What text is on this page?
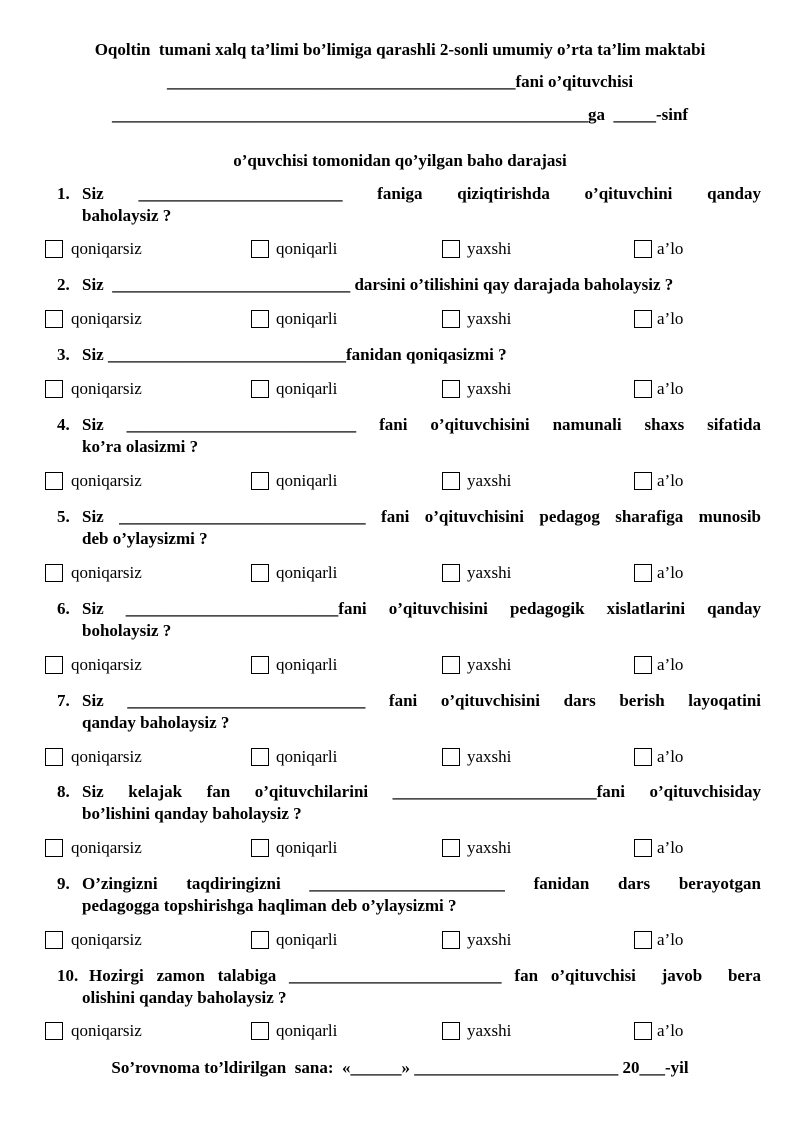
Oqoltin  tumani xalq ta’limi bo’limiga qarashli 2-sonli umumiy o’rta ta’lim maktabi
_________________________________________fani o’qituvchisi
________________________________________________________ga  _____-sinf
o’quvchisi tomonidan qo’yilgan baho darajasi
1. Siz  ________________________  faniga  qiziqtirishda  o’qituvchini  qanday
baholaysiz ?
qoniqarsiz	qoniqarli	yaxshi	a’lo
2. Siz  ____________________________ darsini o’tilishini qay darajada baholaysiz ?
qoniqarsiz	qoniqarli	yaxshi	a’lo
3. Siz ____________________________fanidan qoniqasizmi ?
qoniqarsiz	qoniqarli	yaxshi	a’lo
4. Siz  ___________________________  fani  o’qituvchisini  namunali  shaxs  sifatida
ko’ra olasizmi ?
qoniqarsiz	qoniqarli	yaxshi	a’lo
5. Siz _____________________________ fani o’qituvchisini pedagog sharafiga munosib
deb o’ylaysizmi ?
qoniqarsiz	qoniqarli	yaxshi	a’lo
6. Siz  _________________________fani  o’qituvchisini  pedagogik  xislatlarini  qanday
boholaysiz ?
qoniqarsiz	qoniqarli	yaxshi	a’lo
7. Siz  ____________________________  fani  o’qituvchisini  dars  berish  layoqatini
qanday baholaysiz ?
qoniqarsiz	qoniqarli	yaxshi	a’lo
8. Siz  kelajak  fan  o’qituvchilarini  ________________________fani  o’qituvchisiday
bo’lishini qanday baholaysiz ?
qoniqarsiz	qoniqarli	yaxshi	a’lo
9. O’zingizni  taqdiringizni  _______________________  fanidan  dars  berayotgan
pedagogga topshirishga haqliman deb o’ylaysizmi ?
qoniqarsiz	qoniqarli	yaxshi	a’lo
10. Hozirgi zamon talabiga _________________________ fan o’qituvchisi  javob  bera
olishini qanday baholaysiz ?
qoniqarsiz	qoniqarli	yaxshi	a’lo
So’rovnoma to’ldirilgan  sana:  «______» ________________________ 20___-yil
